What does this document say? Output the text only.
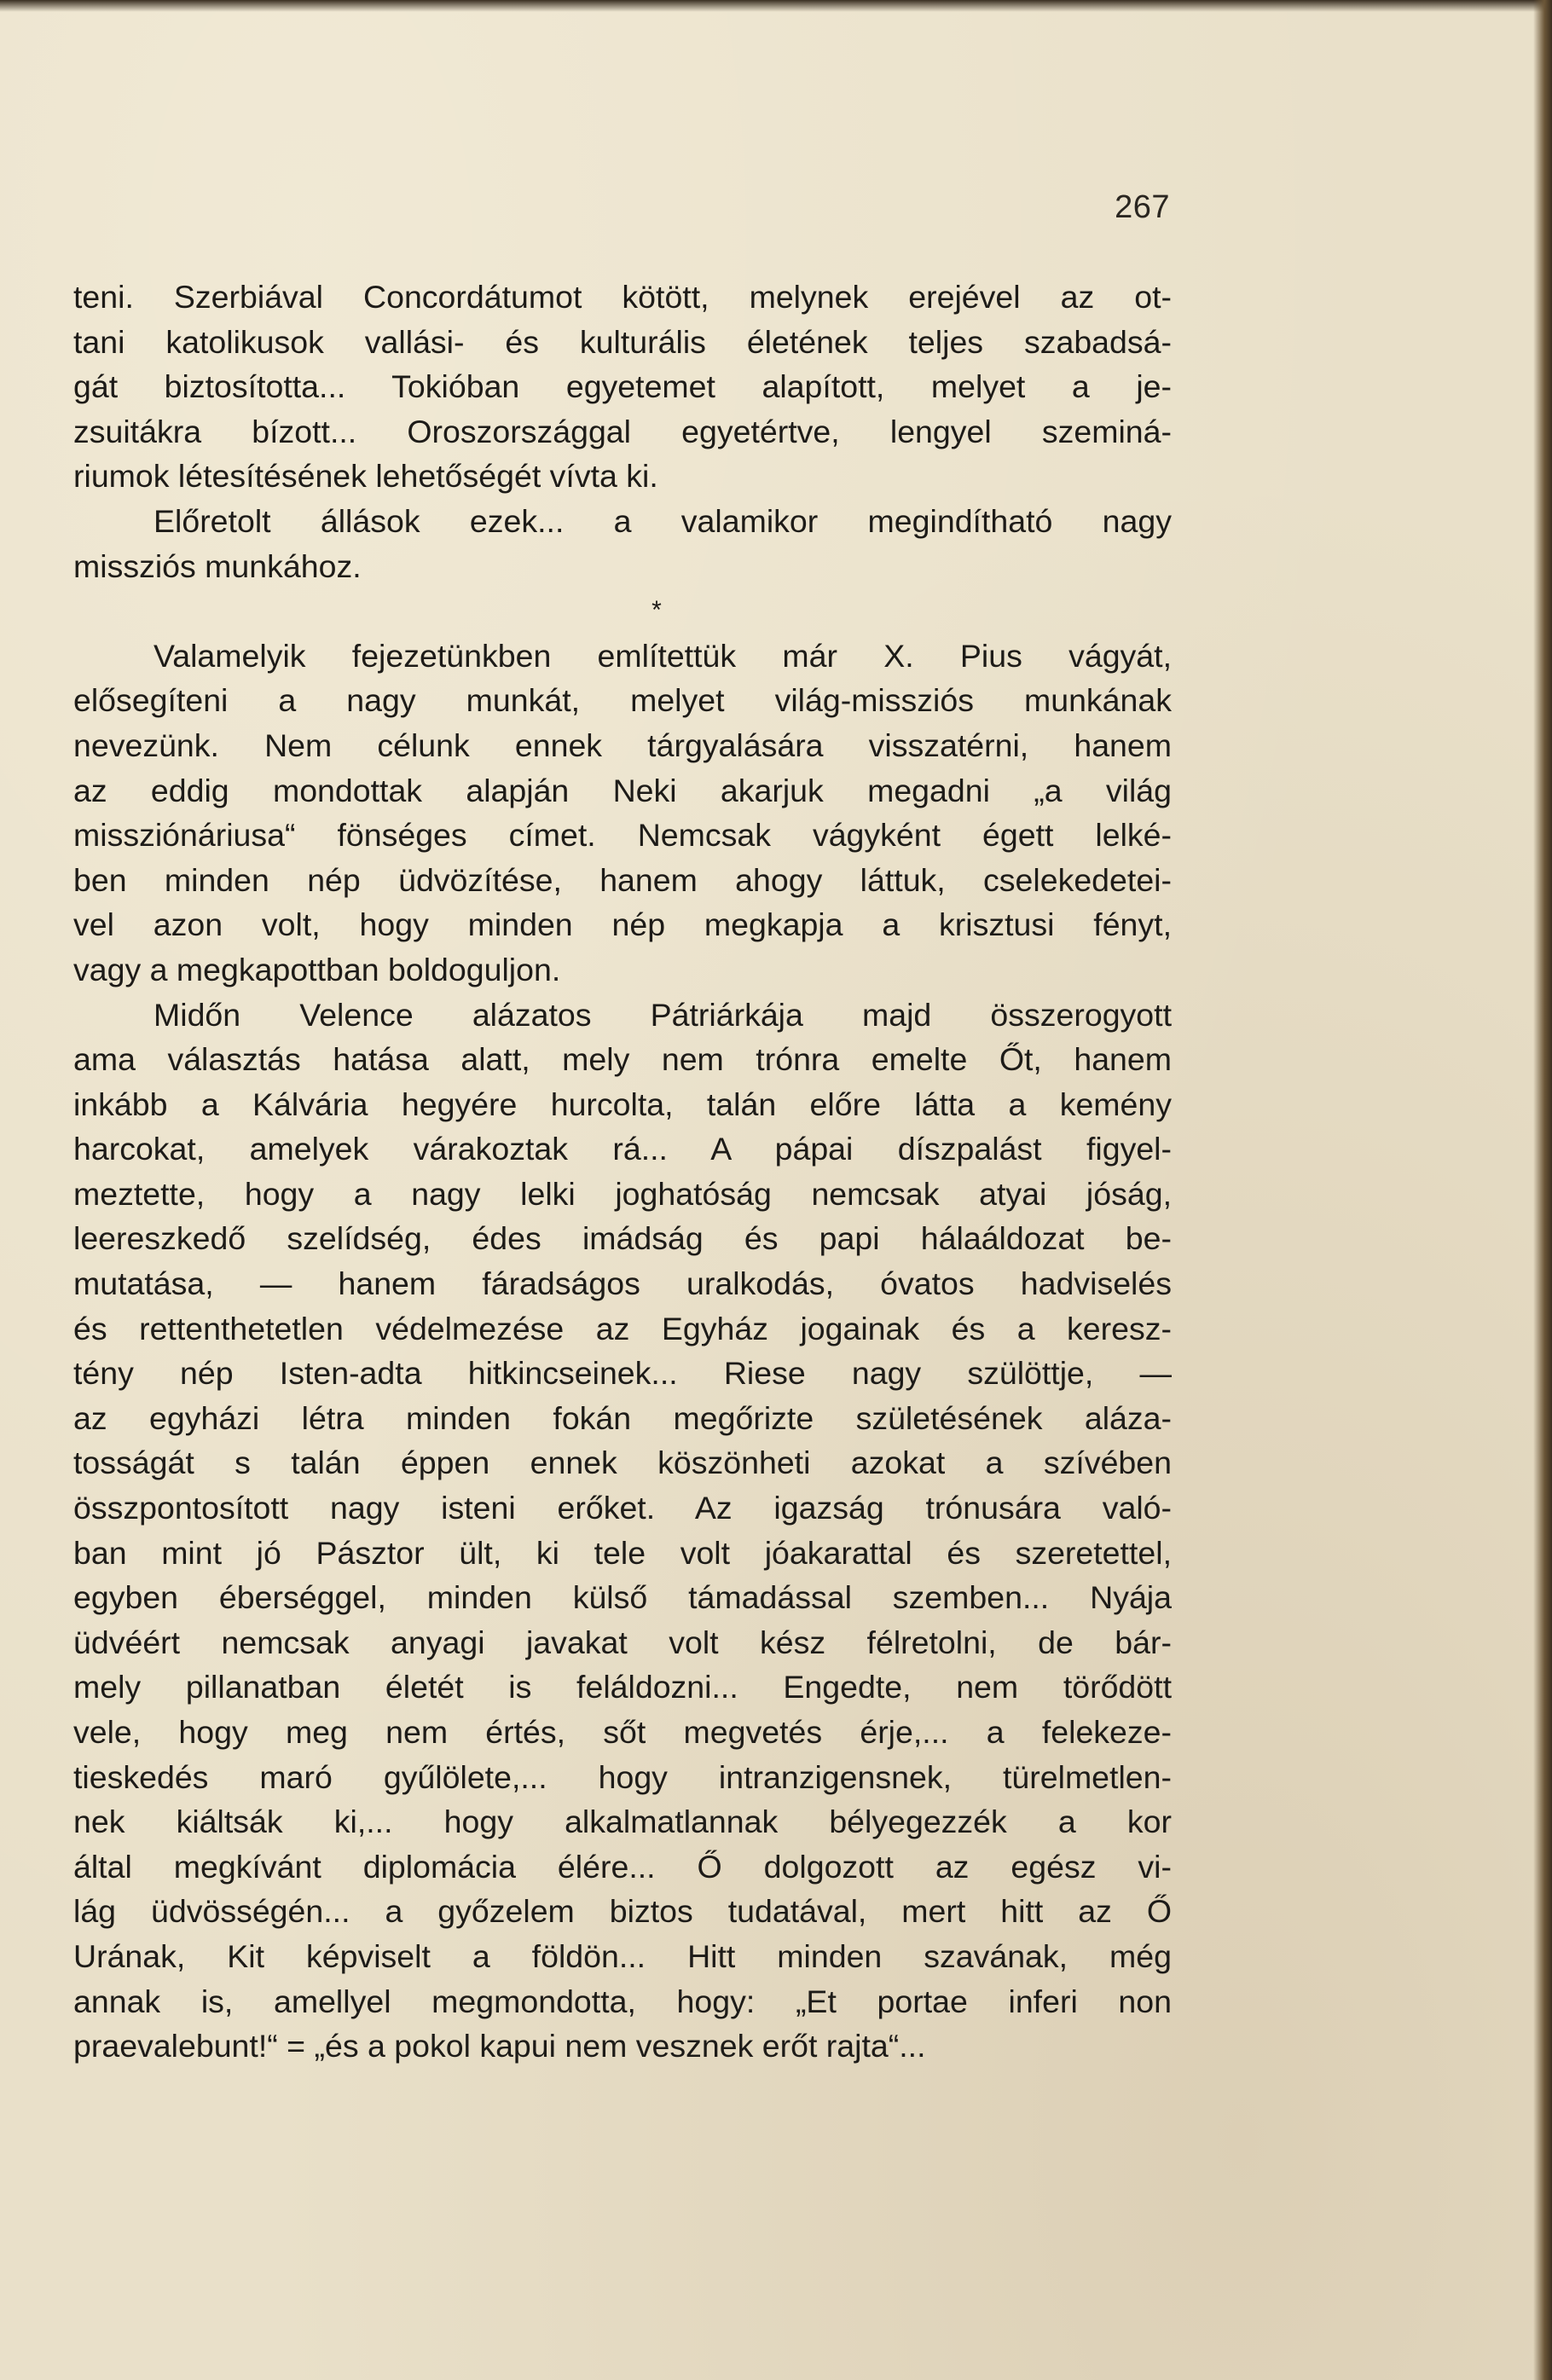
267
teni. Szerbiával Concordátumot kötött, melynek erejével az ot-
tani katolikusok vallási- és kulturális életének teljes szabadsá-
gát biztosította... Tokióban egyetemet alapított, melyet a je-
zsuitákra bízott... Oroszországgal egyetértve, lengyel szeminá-
riumok létesítésének lehetőségét vívta ki.
Előretolt állások ezek... a valamikor megindítható nagy
missziós munkához.
*
Valamelyik fejezetünkben említettük már X. Pius vágyát,
elősegíteni a nagy munkát, melyet világ-missziós munkának
nevezünk. Nem célunk ennek tárgyalására visszatérni, hanem
az eddig mondottak alapján Neki akarjuk megadni „a világ
missziónáriusa“ fönséges címet. Nemcsak vágyként égett lelké-
ben minden nép üdvözítése, hanem ahogy láttuk, cselekedetei-
vel azon volt, hogy minden nép megkapja a krisztusi fényt,
vagy a megkapottban boldoguljon.
Midőn Velence alázatos Pátriárkája majd összerogyott
ama választás hatása alatt, mely nem trónra emelte Őt, hanem
inkább a Kálvária hegyére hurcolta, talán előre látta a kemény
harcokat, amelyek várakoztak rá... A pápai díszpalást figyel-
meztette, hogy a nagy lelki joghatóság nemcsak atyai jóság,
leereszkedő szelídség, édes imádság és papi hálaáldozat be-
mutatása, — hanem fáradságos uralkodás, óvatos hadviselés
és rettenthetetlen védelmezése az Egyház jogainak és a keresz-
tény nép Isten-adta hitkincseinek... Riese nagy szülöttje, —
az egyházi létra minden fokán megőrizte születésének aláza-
tosságát s talán éppen ennek köszönheti azokat a szívében
összpontosított nagy isteni erőket. Az igazság trónusára való-
ban mint jó Pásztor ült, ki tele volt jóakarattal és szeretettel,
egyben éberséggel, minden külső támadással szemben... Nyája
üdvéért nemcsak anyagi javakat volt kész félretolni, de bár-
mely pillanatban életét is feláldozni... Engedte, nem törődött
vele, hogy meg nem értés, sőt megvetés érje,... a felekeze-
tieskedés maró gyűlölete,... hogy intranzigensnek, türelmetlen-
nek kiáltsák ki,... hogy alkalmatlannak bélyegezzék a kor
által megkívánt diplomácia élére... Ő dolgozott az egész vi-
lág üdvösségén... a győzelem biztos tudatával, mert hitt az Ő
Urának, Kit képviselt a földön... Hitt minden szavának, még
annak is, amellyel megmondotta, hogy: „Et portae inferi non
praevalebunt!“ = „és a pokol kapui nem vesznek erőt rajta“...
